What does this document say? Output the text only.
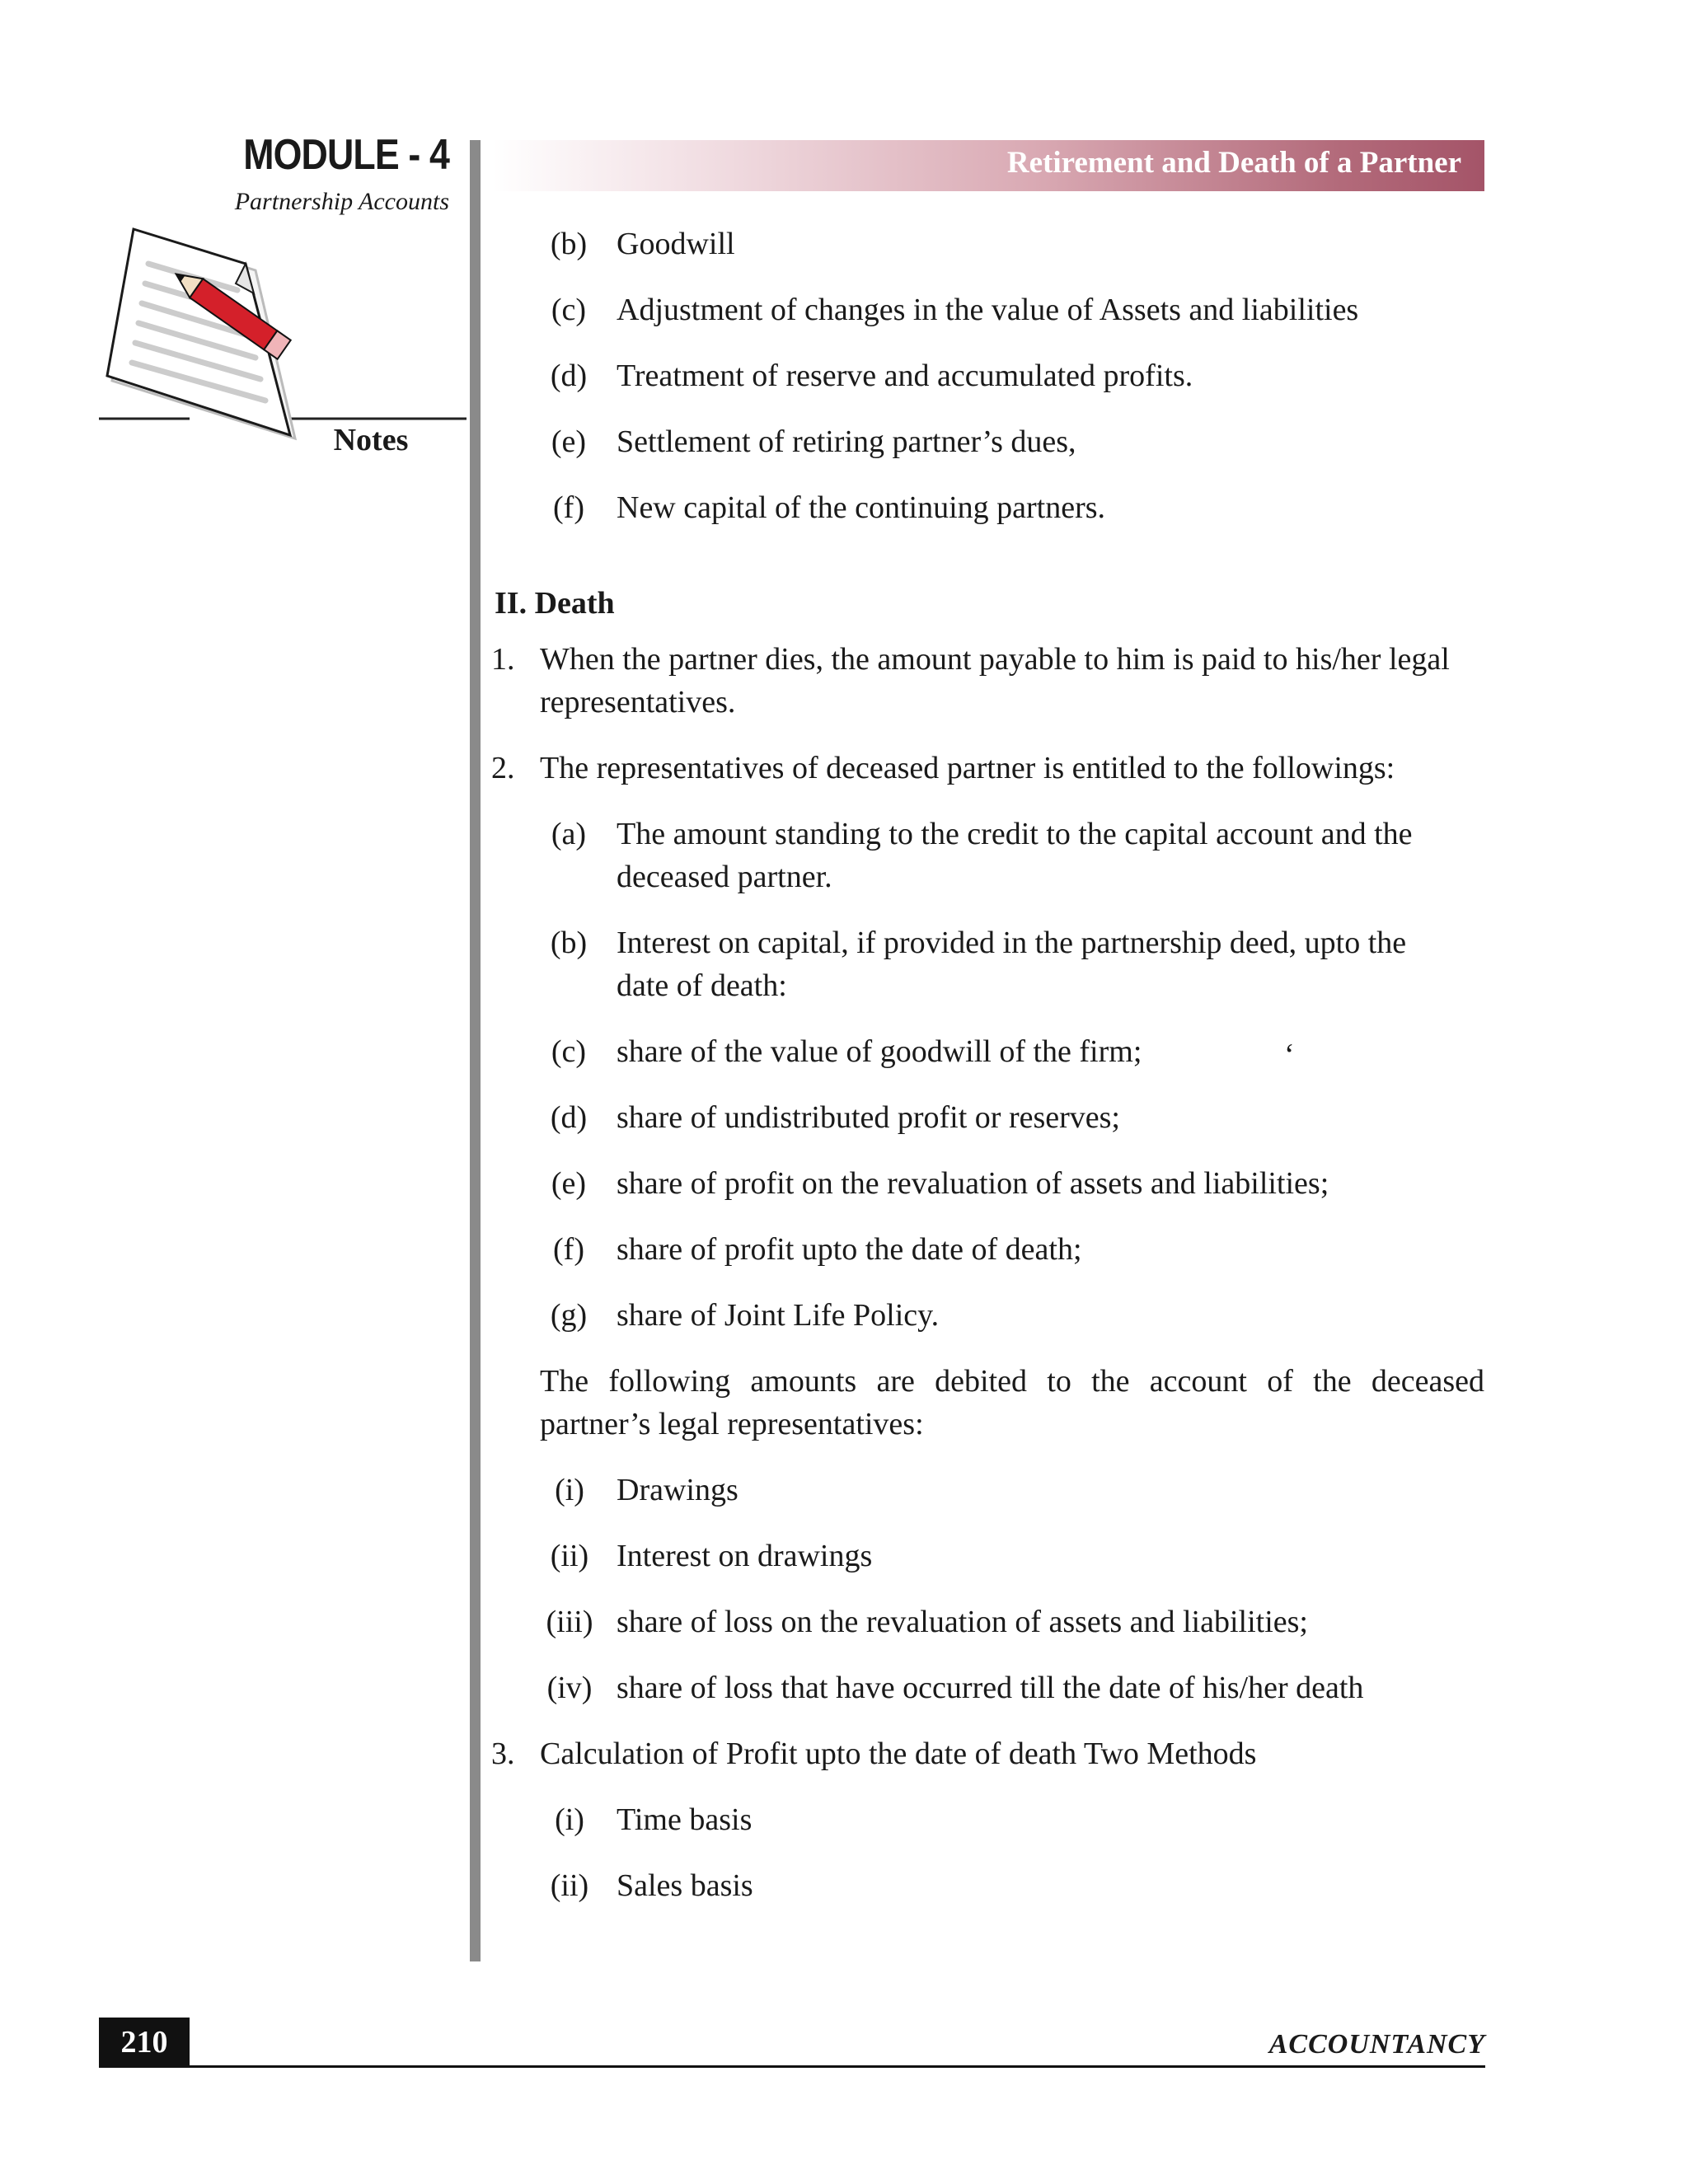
MODULE - 4
Partnership Accounts
Notes
Retirement and Death of a Partner
(b) Goodwill
(c) Adjustment of changes in the value of Assets and liabilities
(d) Treatment of reserve and accumulated profits.
(e) Settlement of retiring partner’s dues,
(f)	New capital of the continuing partners.
II. Death
1. When the partner dies, the amount payable to him is paid to his/her legal
representatives.
2. The representatives of deceased partner is entitled to the followings:
(a) The amount standing to the credit to the capital account and the
deceased partner.
(b) Interest on capital, if provided in the partnership deed, upto the
date of death:
(c) share of the value of goodwill of the firm;	‘
(d) share of undistributed profit or reserves;
(e) share of profit on the revaluation of assets and liabilities;
(f)	share of profit upto the date of death;
(g) share of Joint Life Policy.
The following amounts are debited to the account of the deceased
partner’s legal representatives:
(i)	Drawings
(ii) Interest on drawings
(iii) share of loss on the revaluation of assets and liabilities;
(iv) share of loss that have occurred till the date of his/her death
3. Calculation of Profit upto the date of death Two Methods
(i)	Time basis
(ii) Sales basis
210	ACCOUNTANCY
